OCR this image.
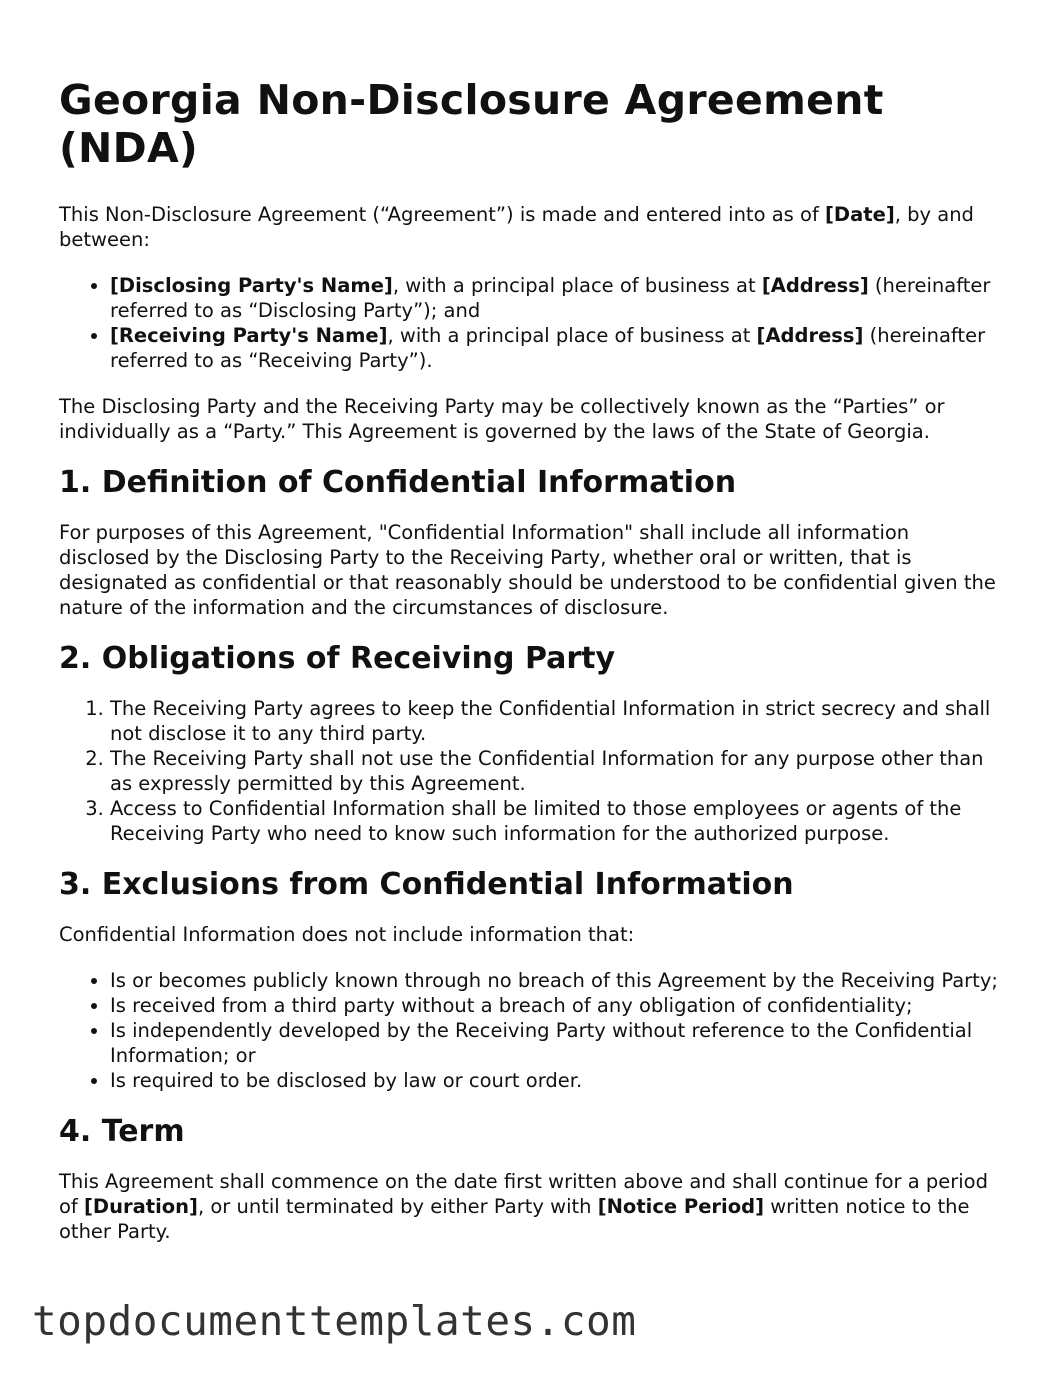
Georgia Non-Disclosure Agreement (NDA)

This Non-Disclosure Agreement (“Agreement”) is made and entered into as of [Date], by and between:

• [Disclosing Party's Name], with a principal place of business at [Address] (hereinafter referred to as “Disclosing Party”); and
• [Receiving Party's Name], with a principal place of business at [Address] (hereinafter referred to as “Receiving Party”).

The Disclosing Party and the Receiving Party may be collectively known as the “Parties” or individually as a “Party.” This Agreement is governed by the laws of the State of Georgia.

1. Definition of Confidential Information

For purposes of this Agreement, "Confidential Information" shall include all information disclosed by the Disclosing Party to the Receiving Party, whether oral or written, that is designated as confidential or that reasonably should be understood to be confidential given the nature of the information and the circumstances of disclosure.

2. Obligations of Receiving Party
1. The Receiving Party agrees to keep the Confidential Information in strict secrecy and shall not disclose it to any third party.
2. The Receiving Party shall not use the Confidential Information for any purpose other than as expressly permitted by this Agreement.
3. Access to Confidential Information shall be limited to those employees or agents of the Receiving Party who need to know such information for the authorized purpose.
3. Exclusions from Confidential Information

Confidential Information does not include information that:

• Is or becomes publicly known through no breach of this Agreement by the Receiving Party;
• Is received from a third party without a breach of any obligation of confidentiality;
• Is independently developed by the Receiving Party without reference to the Confidential Information; or
• Is required to be disclosed by law or court order.
4. Term

This Agreement shall commence on the date first written above and shall continue for a period of [Duration], or until terminated by either Party with [Notice Period] written notice to the other Party.

topdocumenttemplates.com
